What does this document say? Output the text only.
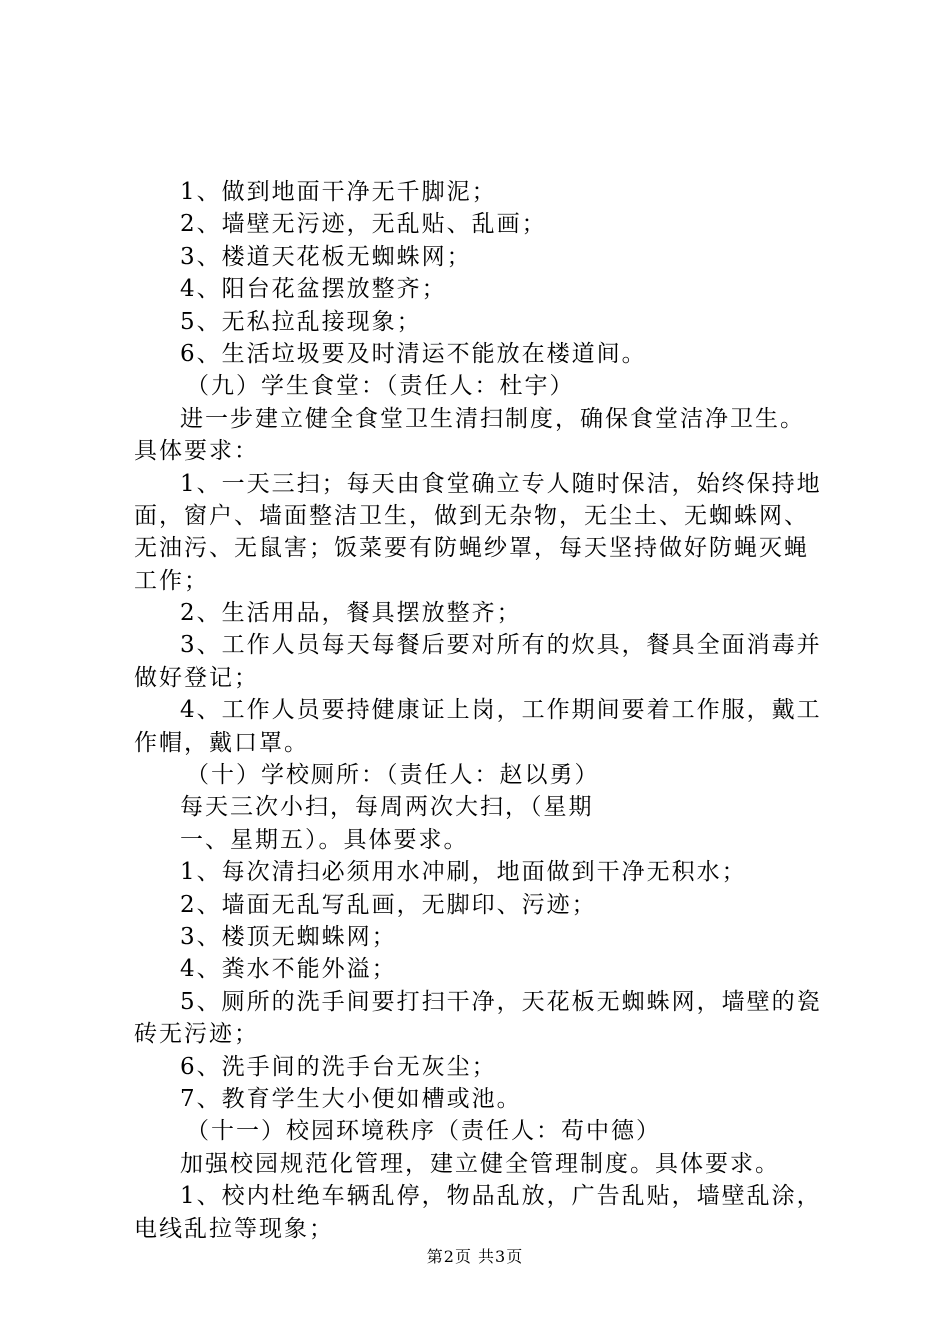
1、做到地面干净无千脚泥；
2、墙壁无污迹，无乱贴、乱画；
3、楼道天花板无蜘蛛网；
4、阳台花盆摆放整齐；
5、无私拉乱接现象；
6、生活垃圾要及时清运不能放在楼道间。
（九）学生食堂：（责任人：杜宇）
进一步建立健全食堂卫生清扫制度，确保食堂洁净卫生。
具体要求：
1、一天三扫；每天由食堂确立专人随时保洁，始终保持地
面，窗户、墙面整洁卫生，做到无杂物，无尘土、无蜘蛛网、
无油污、无鼠害；饭菜要有防蝇纱罩，每天坚持做好防蝇灭蝇
工作；
2、生活用品，餐具摆放整齐；
3、工作人员每天每餐后要对所有的炊具，餐具全面消毒并
做好登记；
4、工作人员要持健康证上岗，工作期间要着工作服，戴工
作帽，戴口罩。
（十）学校厕所：（责任人：赵以勇）
每天三次小扫，每周两次大扫，（星期
一、星期五）。具体要求。
1、每次清扫必须用水冲刷，地面做到干净无积水；
2、墙面无乱写乱画，无脚印、污迹；
3、楼顶无蜘蛛网；
4、粪水不能外溢；
5、厕所的洗手间要打扫干净，天花板无蜘蛛网，墙壁的瓷
砖无污迹；
6、洗手间的洗手台无灰尘；
7、教育学生大小便如槽或池。
（十一）校园环境秩序（责任人：苟中德）
加强校园规范化管理，建立健全管理制度。具体要求。
1、校内杜绝车辆乱停，物品乱放，广告乱贴，墙壁乱涂，
电线乱拉等现象；
第2页 共3页
